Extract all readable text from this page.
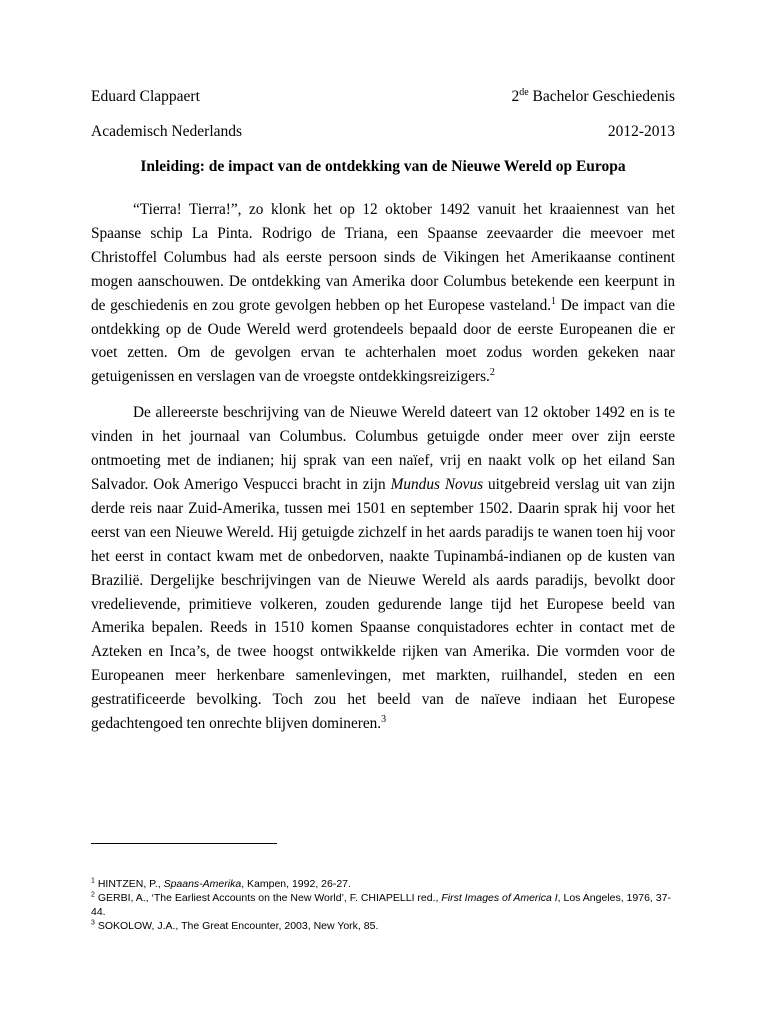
Eduard Clappaert	2de Bachelor Geschiedenis
Academisch Nederlands	2012-2013
Inleiding: de impact van de ontdekking van de Nieuwe Wereld op Europa

“Tierra! Tierra!”, zo klonk het op 12 oktober 1492 vanuit het kraaiennest van het Spaanse schip La Pinta. Rodrigo de Triana, een Spaanse zeevaarder die meevoer met Christoffel Columbus had als eerste persoon sinds de Vikingen het Amerikaanse continent mogen aanschouwen. De ontdekking van Amerika door Columbus betekende een keerpunt in de geschiedenis en zou grote gevolgen hebben op het Europese vasteland.$^1$ De impact van die ontdekking op de Oude Wereld werd grotendeels bepaald door de eerste Europeanen die er voet zetten. Om de gevolgen ervan te achterhalen moet zodus worden gekeken naar getuigenissen en verslagen van de vroegste ontdekkingsreizigers.$^2$

De allereerste beschrijving van de Nieuwe Wereld dateert van 12 oktober 1492 en is te vinden in het journaal van Columbus. Columbus getuigde onder meer over zijn eerste ontmoeting met de indianen; hij sprak van een naïef, vrij en naakt volk op het eiland San Salvador. Ook Amerigo Vespucci bracht in zijn Mundus Novus uitgebreid verslag uit van zijn derde reis naar Zuid-Amerika, tussen mei 1501 en september 1502. Daarin sprak hij voor het eerst van een Nieuwe Wereld. Hij getuigde zichzelf in het aards paradijs te wanen toen hij voor het eerst in contact kwam met de onbedorven, naakte Tupinambá-indianen op de kusten van Brazilië. Dergelijke beschrijvingen van de Nieuwe Wereld als aards paradijs, bevolkt door vredelievende, primitieve volkeren, zouden gedurende lange tijd het Europese beeld van Amerika bepalen. Reeds in 1510 komen Spaanse conquistadores echter in contact met de Azteken en Inca’s, de twee hoogst ontwikkelde rijken van Amerika. Die vormden voor de Europeanen meer herkenbare samenlevingen, met markten, ruilhandel, steden en een gestratificeerde bevolking. Toch zou het beeld van de naïeve indiaan het Europese gedachtengoed ten onrechte blijven domineren.$^3$

$^1$ HINTZEN, P., Spaans-Amerika, Kampen, 1992, 26-27.

$^2$ GERBI, A., ‘The Earliest Accounts on the New World’, F. CHIAPELLI red., First Images of America I, Los Angeles, 1976, 37-44.

$^3$ SOKOLOW, J.A., The Great Encounter, 2003, New York, 85.
